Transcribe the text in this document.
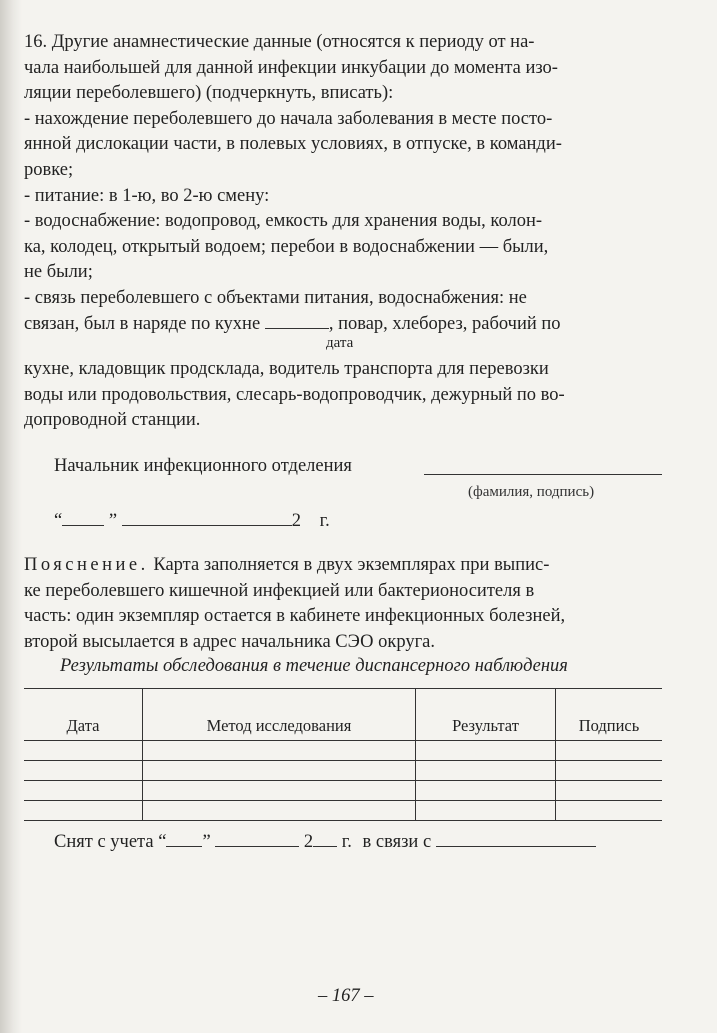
16. Другие анамнестические данные (относятся к периоду от на-

чала наибольшей для данной инфекции инкубации до момента изо-

ляции переболевшего) (подчеркнуть, вписать):

- нахождение переболевшего до начала заболевания в месте посто-

янной дислокации части, в полевых условиях, в отпуске, в команди-

ровке;

- питание: в 1-ю, во 2-ю смену:

- водоснабжение: водопровод, емкость для хранения воды, колон-

ка, колодец, открытый водоем; перебои в водоснабжении — были,

не были;

- связь переболевшего с объектами питания, водоснабжения: не

связан, был в наряде по кухне	, повар, хлеборез, рабочий по

дата

кухне, кладовщик продсклада, водитель транспорта для перевозки

воды или продовольствия, слесарь-водопроводчик, дежурный по во-

допроводной станции.

Начальник инфекционного отделения
(фамилия, подпись)
“	”	2 г.

Пояснение. Карта заполняется в двух экземплярах при выпис-

ке переболевшего кишечной инфекцией или бактерионосителя в

часть: один экземпляр остается в кабинете инфекционных болезней,

второй высылается в адрес начальника СЭО округа.

Результаты обследования в течение диспансерного наблюдения
Дата	Метод исследования	Результат	Подпись

Снят с учета “ ”	2 г. в связи с
– 167 –
